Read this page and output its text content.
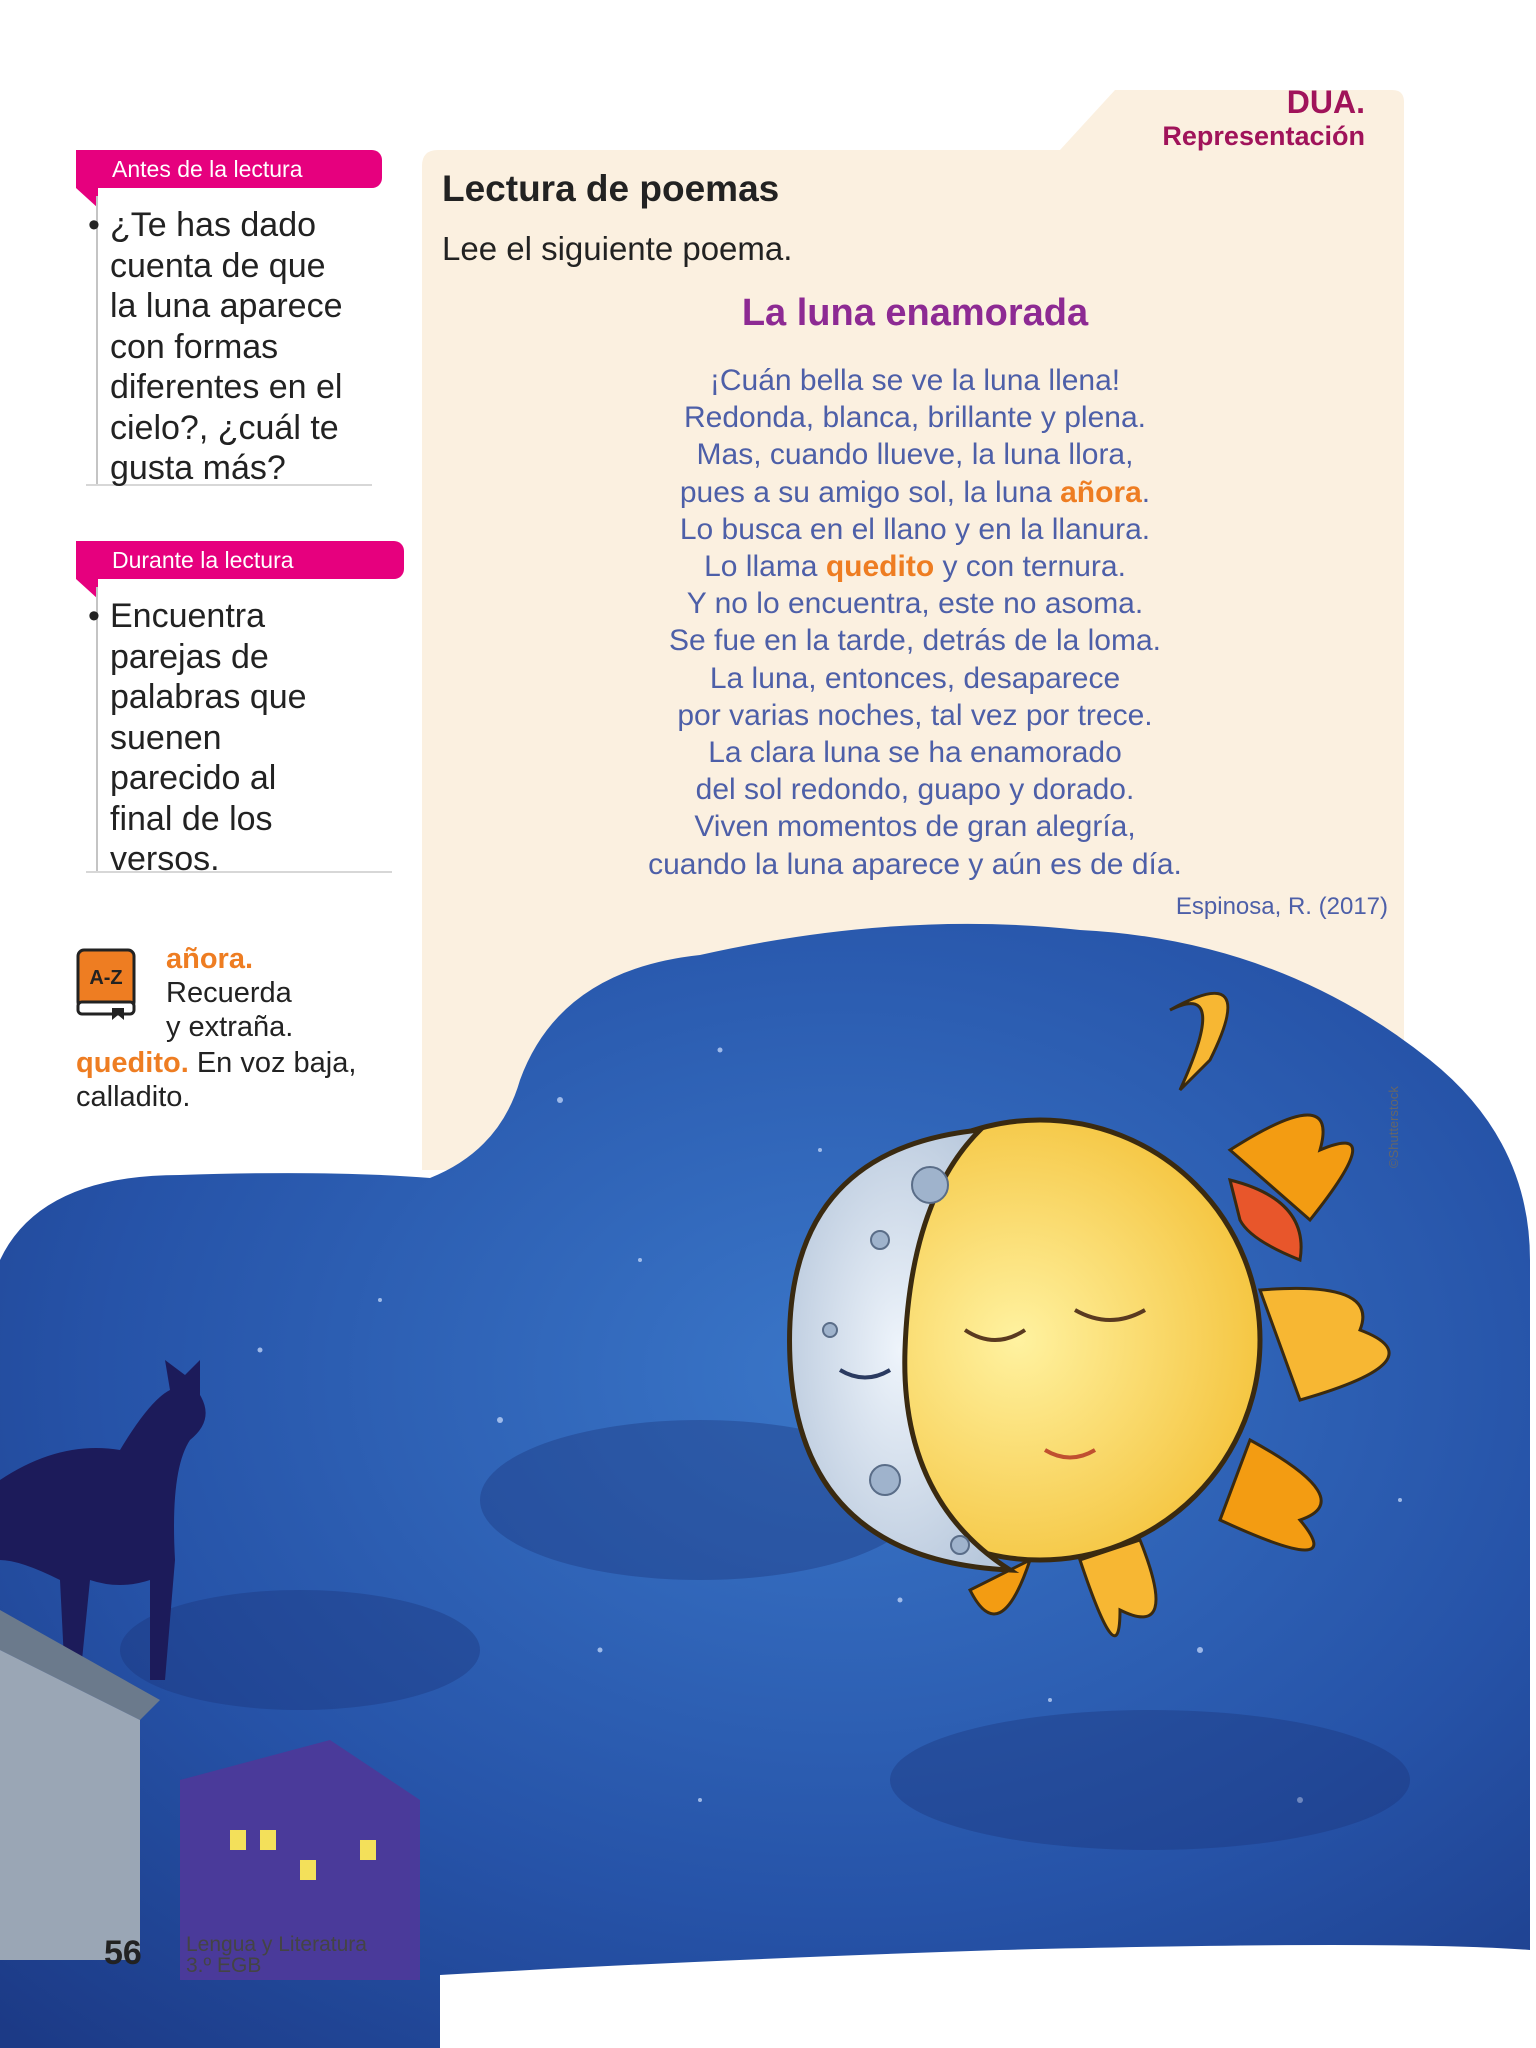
DUA.
Representación
Antes de la lectura
• ¿Te has dado
cuenta de que
la luna aparece
con formas
diferentes en el
cielo?, ¿cuál te
gusta más?
Durante la lectura
• Encuentra
parejas de
palabras que
suenen
parecido al
final de los
versos.
Lectura de poemas
Lee el siguiente poema.
La luna enamorada
¡Cuán bella se ve la luna llena!
Redonda, blanca, brillante y plena.
Mas, cuando llueve, la luna llora,
pues a su amigo sol, la luna añora.
Lo busca en el llano y en la llanura.
Lo llama quedito y con ternura.
Y no lo encuentra, este no asoma.
Se fue en la tarde, detrás de la loma.
La luna, entonces, desaparece
por varias noches, tal vez por trece.
La clara luna se ha enamorado
del sol redondo, guapo y dorado.
Viven momentos de gran alegría,
cuando la luna aparece y aún es de día.
Espinosa, R. (2017)
A-Z
añora.
Recuerda
y extraña.
quedito. En voz baja, calladito.	©Shutterstock
56 Lengua y Literatura
3.º EGB
